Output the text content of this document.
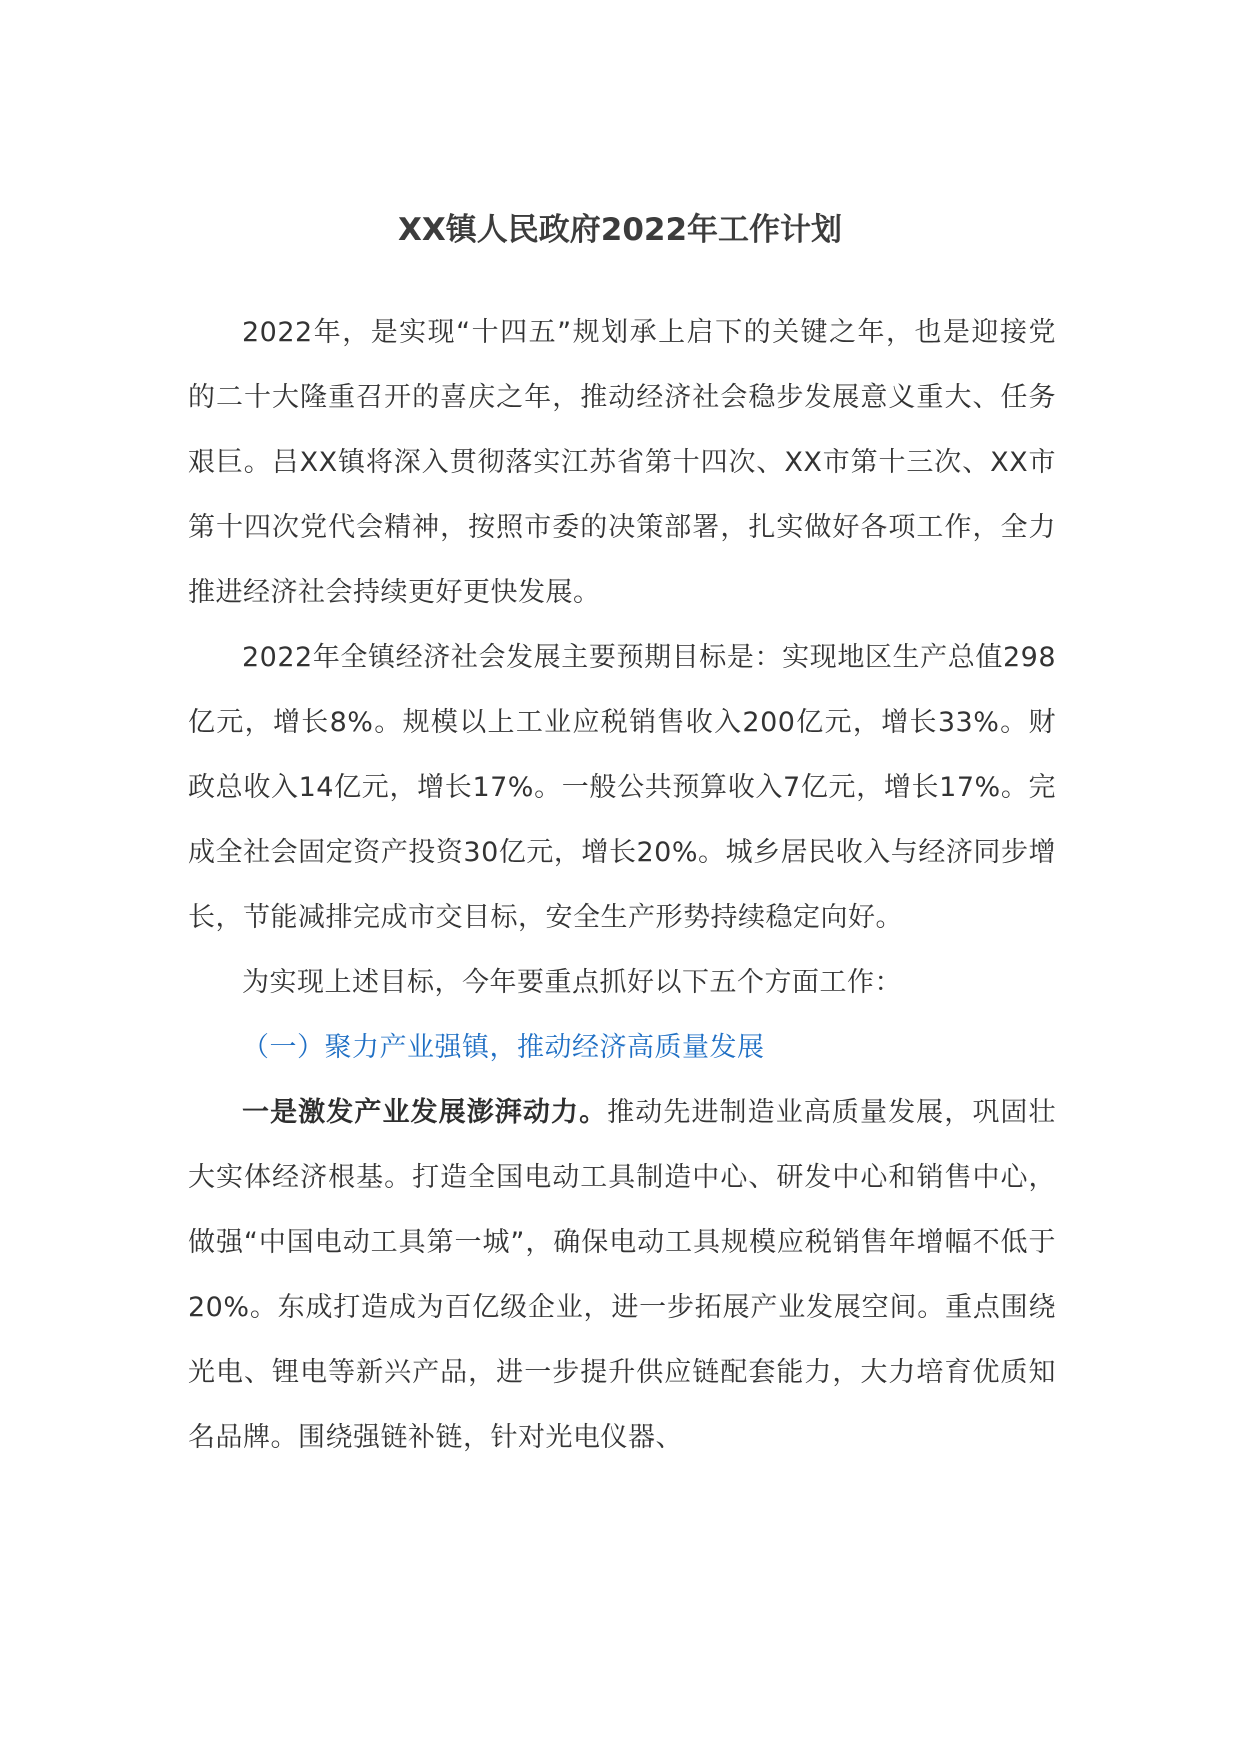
XX镇人民政府2022年工作计划

2022年，是实现“十四五”规划承上启下的关键之年，也是迎接党的二十大隆重召开的喜庆之年，推动经济社会稳步发展意义重大、任务艰巨。吕XX镇将深入贯彻落实江苏省第十四次、XX市第十三次、XX市第十四次党代会精神，按照市委的决策部署，扎实做好各项工作，全力推进经济社会持续更好更快发展。

2022年全镇经济社会发展主要预期目标是：实现地区生产总值298亿元，增长8%。规模以上工业应税销售收入200亿元，增长33%。财政总收入14亿元，增长17%。一般公共预算收入7亿元，增长17%。完成全社会固定资产投资30亿元，增长20%。城乡居民收入与经济同步增长，节能减排完成市交目标，安全生产形势持续稳定向好。

为实现上述目标，今年要重点抓好以下五个方面工作：

（一）聚力产业强镇，推动经济高质量发展

一是激发产业发展澎湃动力。推动先进制造业高质量发展，巩固壮大实体经济根基。打造全国电动工具制造中心、研发中心和销售中心，做强“中国电动工具第一城”，确保电动工具规模应税销售年增幅不低于20%。东成打造成为百亿级企业，进一步拓展产业发展空间。重点围绕光电、锂电等新兴产品，进一步提升供应链配套能力，大力培育优质知名品牌。围绕强链补链，针对光电仪器、
